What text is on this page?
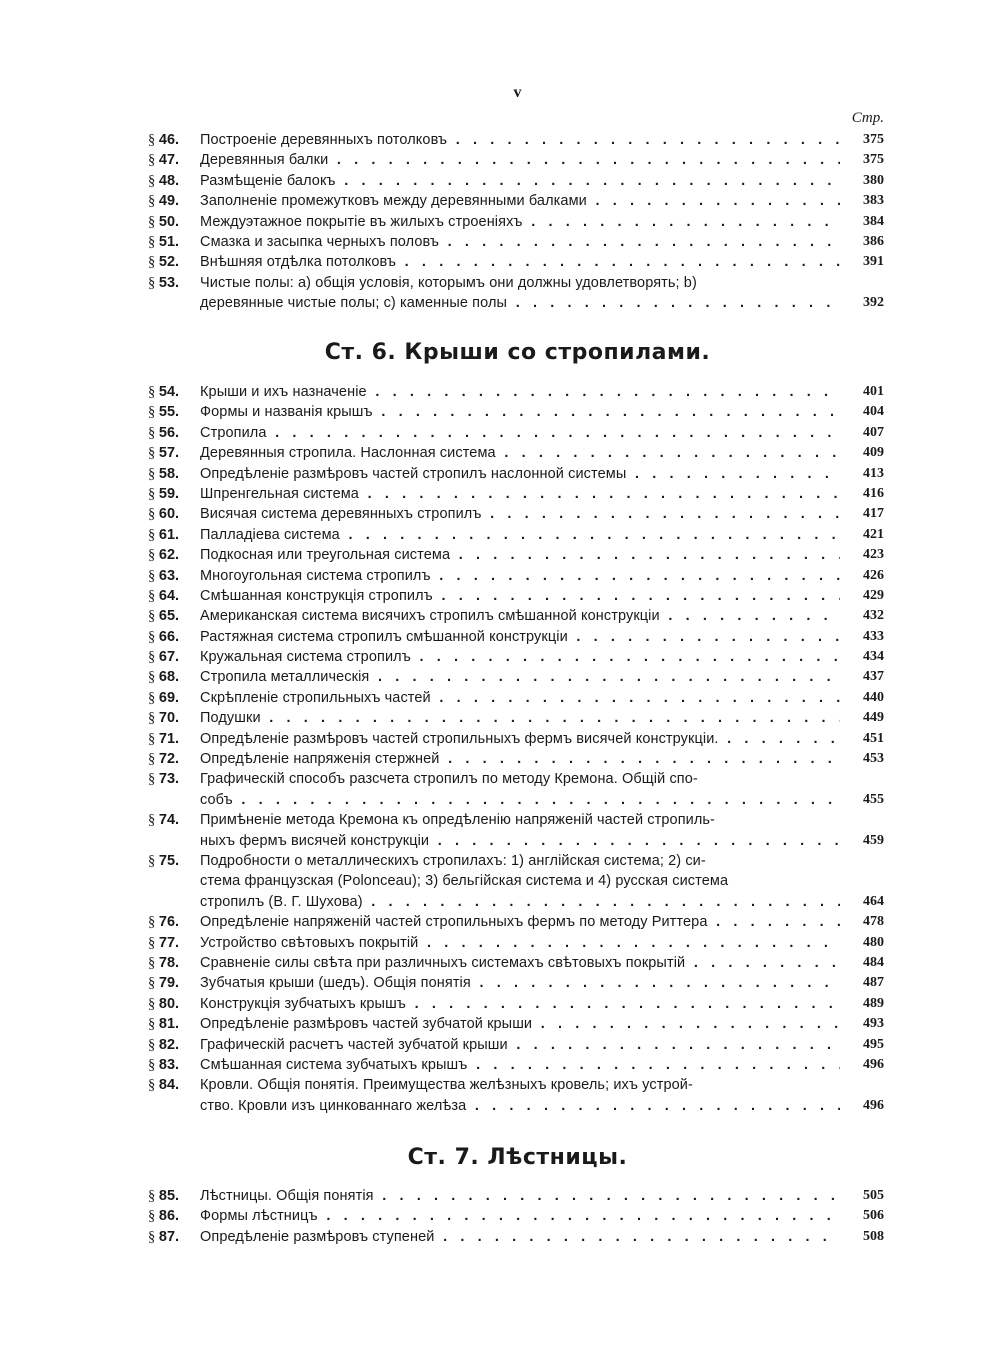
v
Стр.
§ 46.	Построеніе деревянныхъ потолковъ . . .	375
§ 47.	Деревянныя балки . . .	375
§ 48.	Размѣщеніе балокъ . . .	380
§ 49.	Заполненіе промежутковъ между деревянными балками . . .	383
§ 50.	Междуэтажное покрытіе въ жилыхъ строеніяхъ . . .	384
§ 51.	Смазка и засыпка черныхъ половъ . . .	386
§ 52.	Внѣшняя отдѣлка потолковъ . . .	391
§ 53.	Чистые полы: а) общія условія, которымъ они должны удовлетворять; b)
деревянные чистые полы; с) каменные полы . . .	392
Ст. 6. Крыши со стропилами.
§ 54.	Крыши и ихъ назначеніе . . .	401
§ 55.	Формы и названія крышъ . . .	404
§ 56.	Стропила . . .	407
§ 57.	Деревянныя стропила. Наслонная система . . .	409
§ 58.	Опредѣленіе размѣровъ частей стропилъ наслонной системы . . .	413
§ 59.	Шпренгельная система . . .	416
§ 60.	Висячая система деревянныхъ стропилъ . . .	417
§ 61.	Палладіева система . . .	421
§ 62.	Подкосная или треугольная система . . .	423
§ 63.	Многоугольная система стропилъ . . .	426
§ 64.	Смѣшанная конструкція стропилъ . . .	429
§ 65.	Американская система висячихъ стропилъ смѣшанной конструкціи . . .	432
§ 66.	Растяжная система стропилъ смѣшанной конструкціи . . .	433
§ 67.	Кружальная система стропилъ . . .	434
§ 68.	Стропила металлическія . . .	437
§ 69.	Скрѣпленіе стропильныхъ частей . . .	440
§ 70.	Подушки . . .	449
§ 71.	Опредѣленіе размѣровъ частей стропильныхъ фермъ висячей конструкціи. . . .	451
§ 72.	Опредѣленіе напряженія стержней . . .	453
§ 73.	Графическій способъ разсчета стропилъ по методу Кремона. Общій спо-
собъ . . .	455
§ 74.	Примѣненіе метода Кремона къ опредѣленію напряженій частей стропиль-
ныхъ фермъ висячей конструкціи . . .	459
§ 75.	Подробности о металлическихъ стропилахъ: 1) англійская система; 2) си-
стема французская (Polonceau); 3) бельгійская система и 4) русская система
стропилъ (В. Г. Шухова) . . .	464
§ 76.	Опредѣленіе напряженій частей стропильныхъ фермъ по методу Риттера . . .	478
§ 77.	Устройство свѣтовыхъ покрытій . . .	480
§ 78.	Сравненіе силы свѣта при различныхъ системахъ свѣтовыхъ покрытій . . .	484
§ 79.	Зубчатыя крыши (шедъ). Общія понятія . . .	487
§ 80.	Конструкція зубчатыхъ крышъ . . .	489
§ 81.	Опредѣленіе размѣровъ частей зубчатой крыши . . .	493
§ 82.	Графическій расчетъ частей зубчатой крыши . . .	495
§ 83.	Смѣшанная система зубчатыхъ крышъ . . .	496
§ 84.	Кровли. Общія понятія. Преимущества желѣзныхъ кровель; ихъ устрой-
ство. Кровли изъ цинкованнаго желѣза . . .	496
Ст. 7. Лѣстницы.
§ 85.	Лѣстницы. Общія понятія . . .	505
§ 86.	Формы лѣстницъ . . .	506
§ 87.	Опредѣленіе размѣровъ ступеней . . .	508
